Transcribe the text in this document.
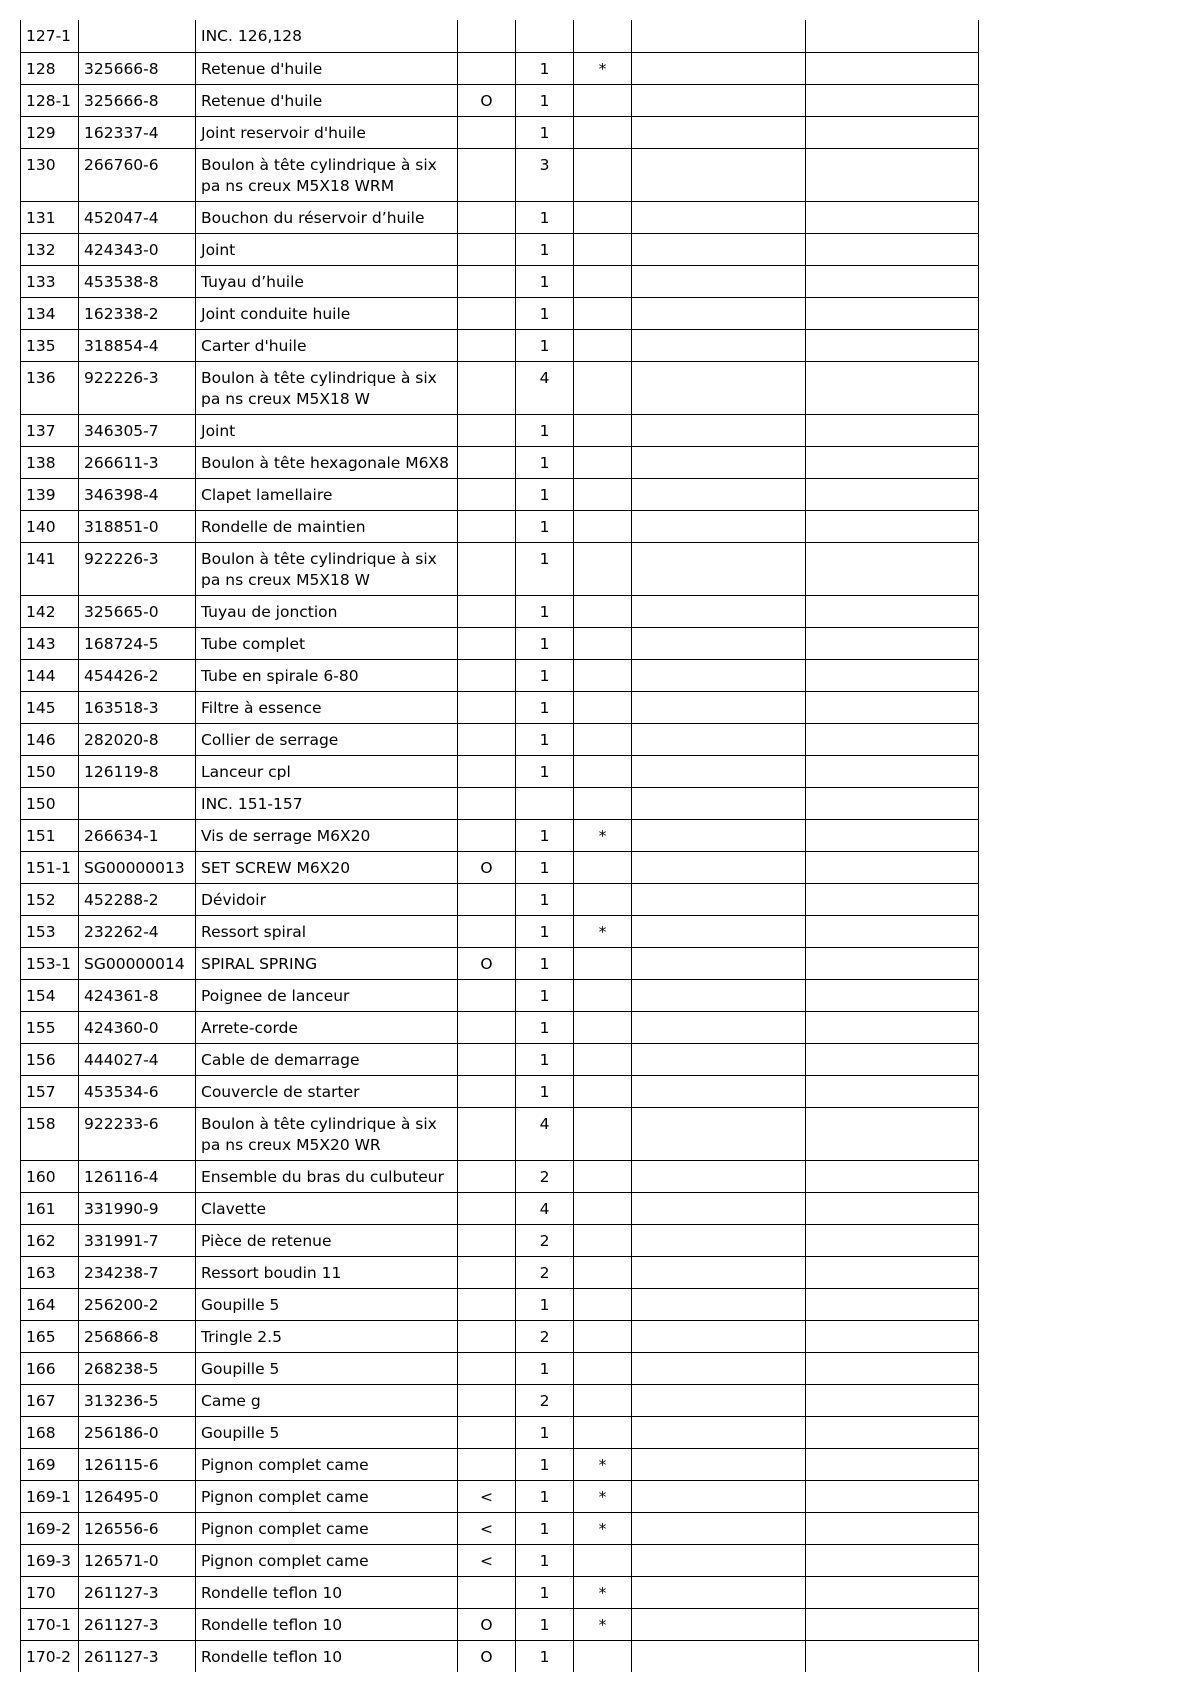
127-1		INC. 126,128					
128	325666-8	Retenue d'huile		1	*		
128-1	325666-8	Retenue d'huile	O	1			
129	162337-4	Joint reservoir d'huile		1			
130	266760-6	Boulon à tête cylindrique à six pa ns creux M5X18 WRM		3			
131	452047-4	Bouchon du réservoir d’huile		1			
132	424343-0	Joint		1			
133	453538-8	Tuyau d’huile		1			
134	162338-2	Joint conduite huile		1			
135	318854-4	Carter d'huile		1			
136	922226-3	Boulon à tête cylindrique à six pa ns creux M5X18 W		4			
137	346305-7	Joint		1			
138	266611-3	Boulon à tête hexagonale M6X8		1			
139	346398-4	Clapet lamellaire		1			
140	318851-0	Rondelle de maintien		1			
141	922226-3	Boulon à tête cylindrique à six pa ns creux M5X18 W		1			
142	325665-0	Tuyau de jonction		1			
143	168724-5	Tube complet		1			
144	454426-2	Tube en spirale 6-80		1			
145	163518-3	Filtre à essence		1			
146	282020-8	Collier de serrage		1			
150	126119-8	Lanceur cpl		1			
150		INC. 151-157					
151	266634-1	Vis de serrage M6X20		1	*		
151-1	SG00000013	SET SCREW M6X20	O	1			
152	452288-2	Dévidoir		1			
153	232262-4	Ressort spiral		1	*		
153-1	SG00000014	SPIRAL SPRING	O	1			
154	424361-8	Poignee de lanceur		1			
155	424360-0	Arrete-corde		1			
156	444027-4	Cable de demarrage		1			
157	453534-6	Couvercle de starter		1			
158	922233-6	Boulon à tête cylindrique à six pa ns creux M5X20 WR		4			
160	126116-4	Ensemble du bras du culbuteur		2			
161	331990-9	Clavette		4			
162	331991-7	Pièce de retenue		2			
163	234238-7	Ressort boudin 11		2			
164	256200-2	Goupille 5		1			
165	256866-8	Tringle 2.5		2			
166	268238-5	Goupille 5		1			
167	313236-5	Came g		2			
168	256186-0	Goupille 5		1			
169	126115-6	Pignon complet came		1	*		
169-1	126495-0	Pignon complet came	<	1	*		
169-2	126556-6	Pignon complet came	<	1	*		
169-3	126571-0	Pignon complet came	<	1			
170	261127-3	Rondelle teflon 10		1	*		
170-1	261127-3	Rondelle teflon 10	O	1	*		
170-2	261127-3	Rondelle teflon 10	O	1			
